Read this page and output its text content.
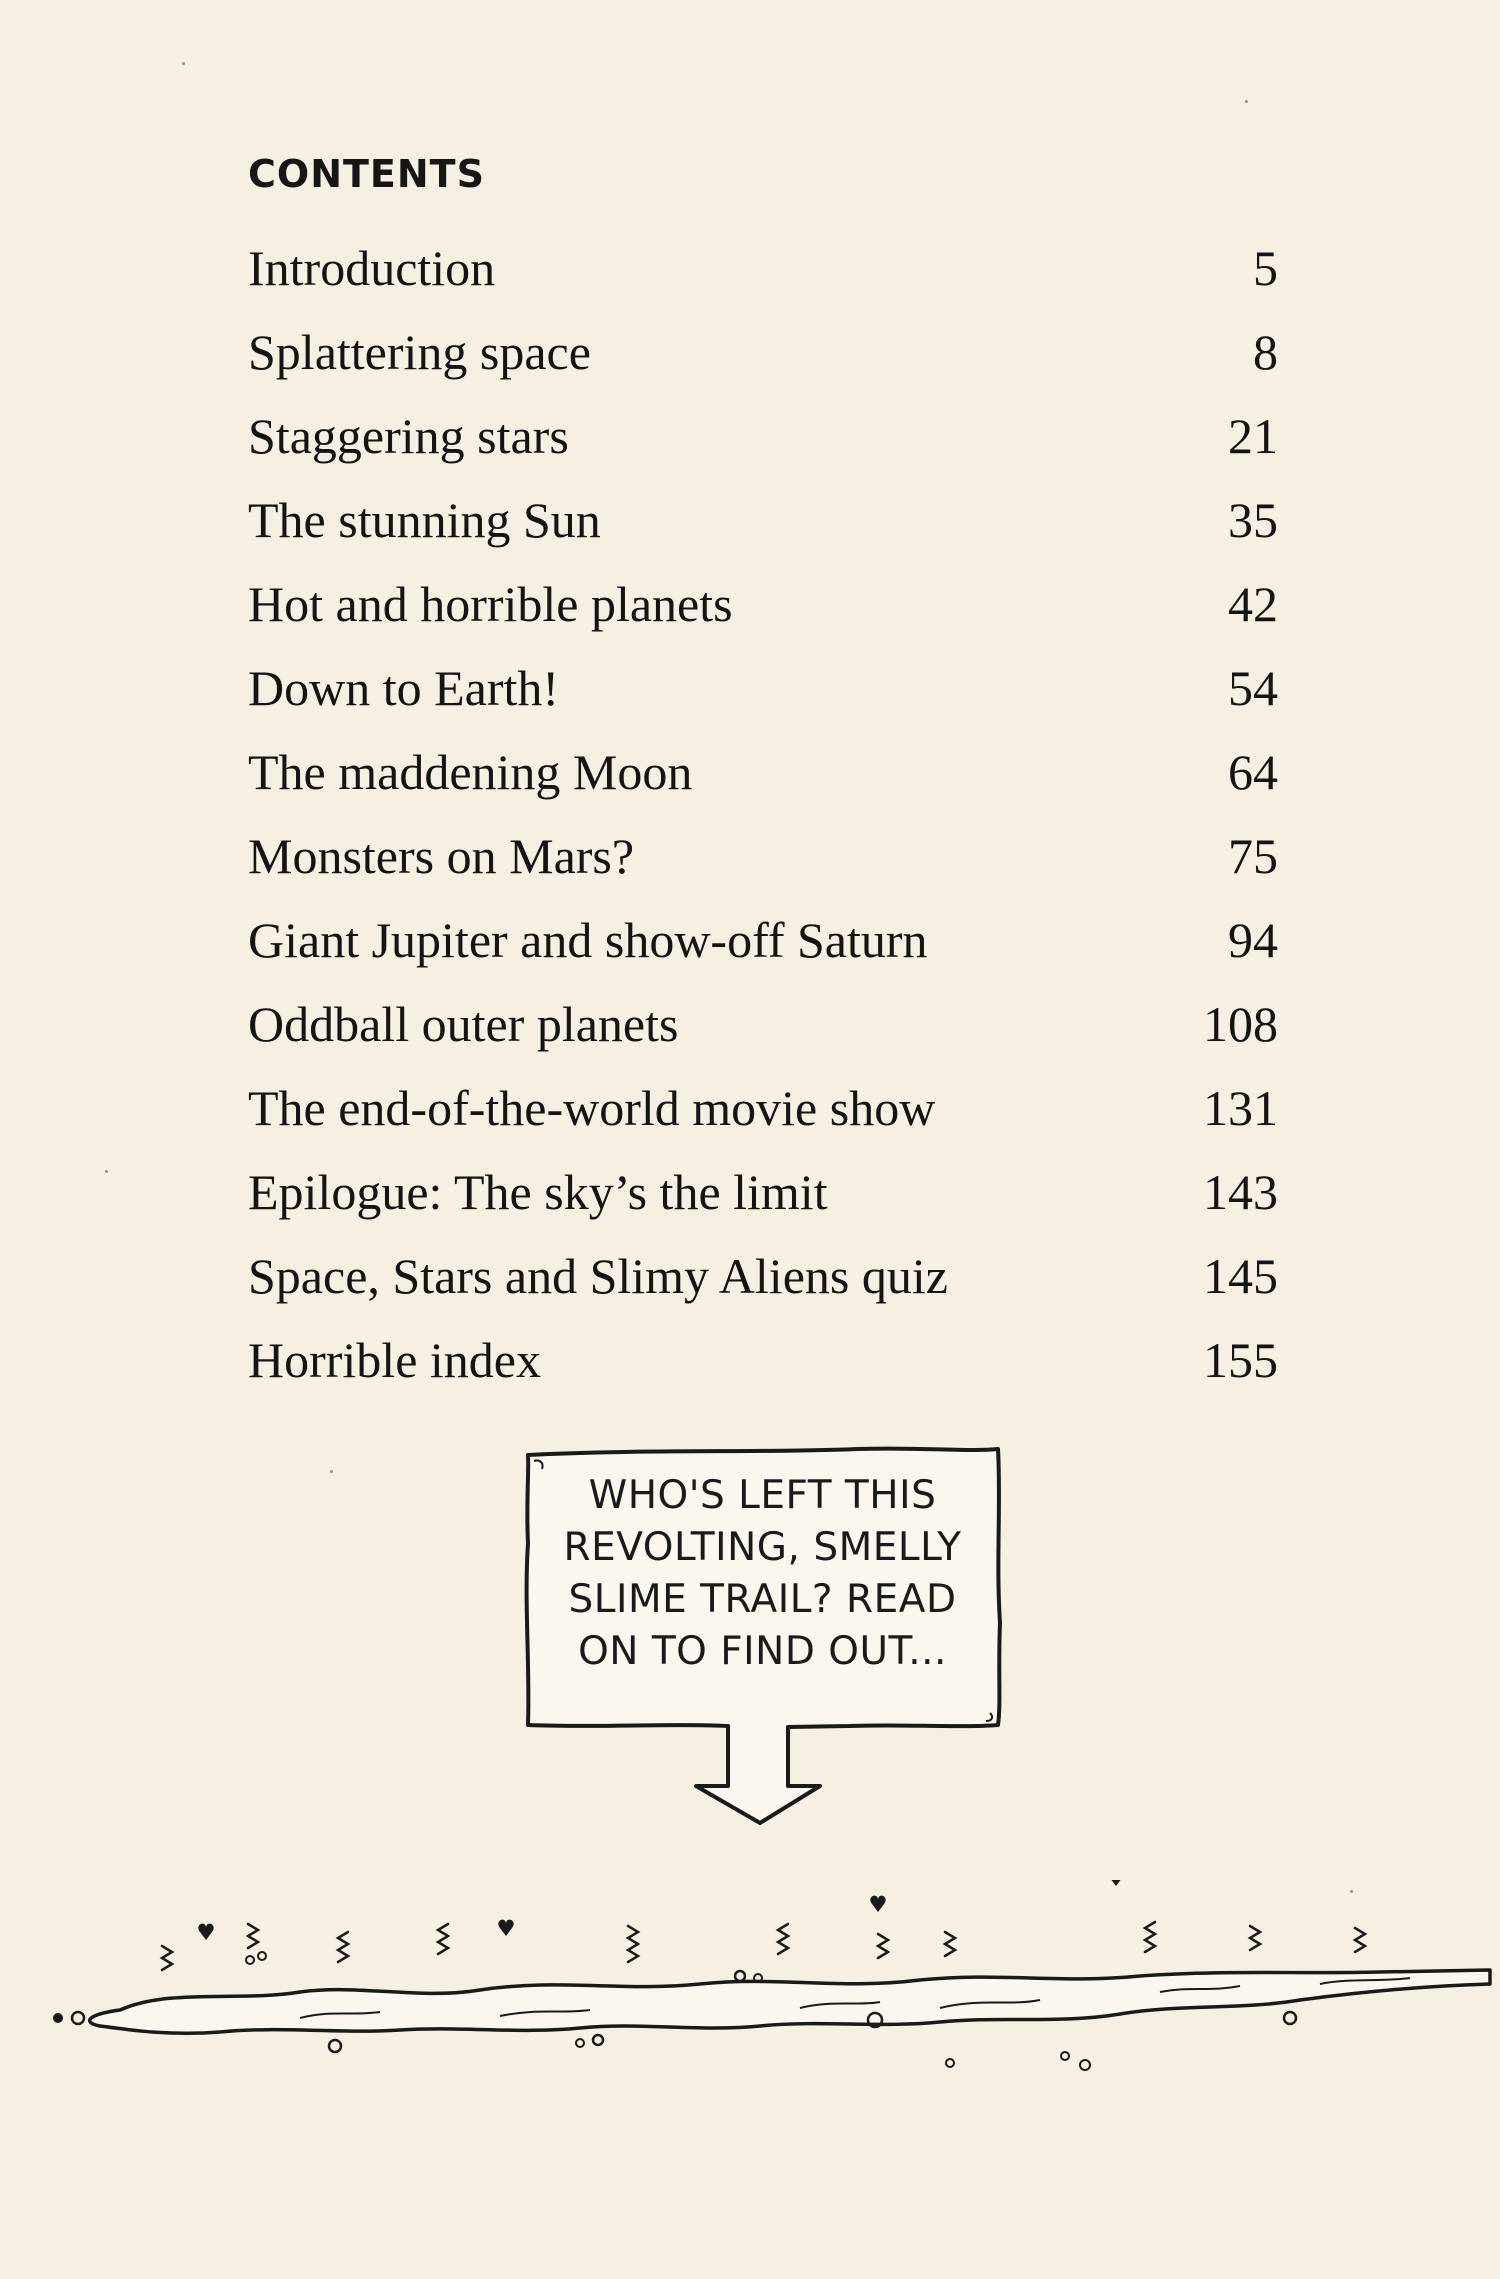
CONTENTS
Introduction	5
Splattering space	8
Staggering stars	21
The stunning Sun	35
Hot and horrible planets	42
Down to Earth!	54
The maddening Moon	64
Monsters on Mars?	75
Giant Jupiter and show-off Saturn	94
Oddball outer planets	108
The end-of-the-world movie show	131
Epilogue: The sky’s the limit	143
Space, Stars and Slimy Aliens quiz	145
Horrible index	155
WHO'S LEFT THIS
REVOLTING, SMELLY
SLIME TRAIL? READ
ON TO FIND OUT...
